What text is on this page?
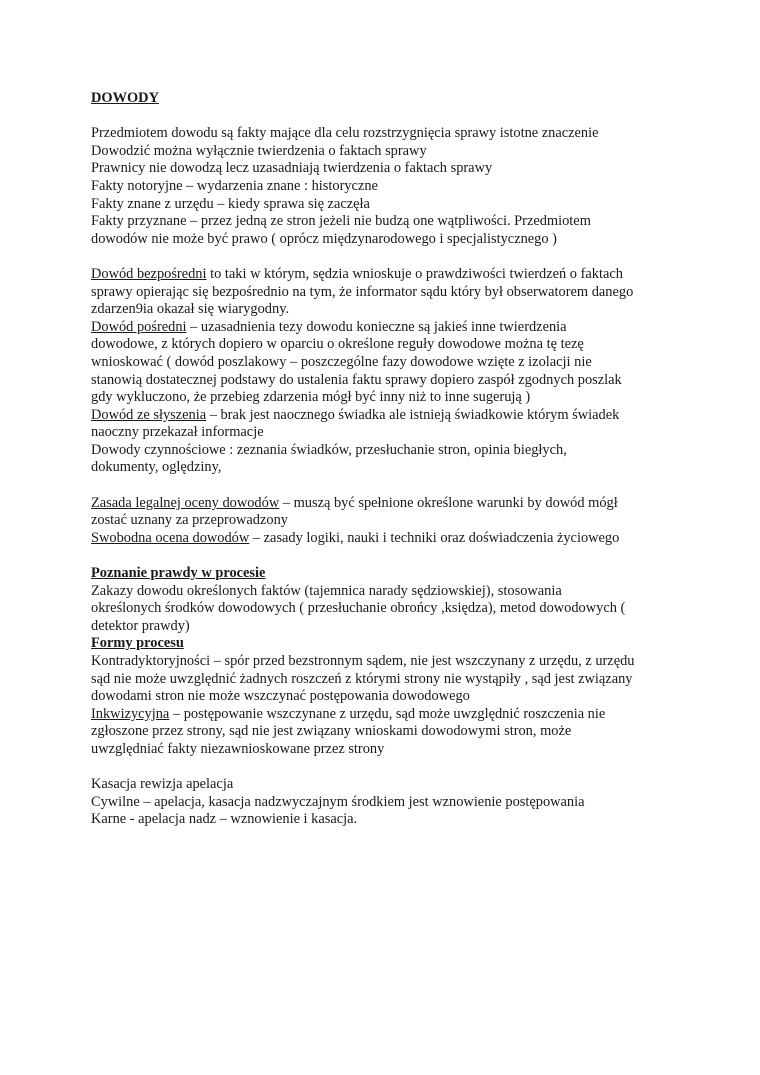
DOWODY
Przedmiotem dowodu są fakty mające dla celu rozstrzygnięcia sprawy istotne znaczenie
Dowodzić można wyłącznie twierdzenia o faktach sprawy
Prawnicy nie dowodzą lecz uzasadniają twierdzenia o faktach sprawy
Fakty notoryjne – wydarzenia znane : historyczne
Fakty znane z urzędu – kiedy sprawa się zaczęła
Fakty przyznane – przez jedną ze stron jeżeli nie budzą one wątpliwości. Przedmiotem
dowodów nie może być prawo ( oprócz międzynarodowego i specjalistycznego )
Dowód bezpośredni to taki w którym, sędzia wnioskuje o prawdziwości twierdzeń o faktach
sprawy opierając się bezpośrednio na tym, że informator sądu który był obserwatorem danego
zdarzen9ia okazał się wiarygodny.
Dowód pośredni – uzasadnienia tezy dowodu konieczne są jakieś inne twierdzenia
dowodowe, z których dopiero w oparciu o określone reguły dowodowe można tę tezę
wnioskować ( dowód poszlakowy – poszczególne fazy dowodowe wzięte z izolacji nie
stanowią dostatecznej podstawy do ustalenia faktu sprawy dopiero zaspół zgodnych poszlak
gdy wykluczono, że przebieg zdarzenia mógł być inny niż to inne sugerują )
Dowód ze słyszenia – brak jest naocznego świadka ale istnieją świadkowie którym świadek
naoczny przekazał informacje
Dowody czynnościowe : zeznania świadków, przesłuchanie stron, opinia biegłych,
dokumenty, oględziny,
Zasada legalnej oceny dowodów – muszą być spełnione określone warunki by dowód mógł
zostać uznany za przeprowadzony
Swobodna ocena dowodów – zasady logiki, nauki i techniki oraz doświadczenia życiowego
Poznanie prawdy w procesie
Zakazy dowodu określonych faktów (tajemnica narady sędziowskiej), stosowania
określonych środków dowodowych ( przesłuchanie obrońcy ,księdza), metod dowodowych (
detektor prawdy)
Formy procesu
Kontradyktoryjności – spór przed bezstronnym sądem, nie jest wszczynany z urzędu, z urzędu
sąd nie może uwzględnić żadnych roszczeń z którymi strony nie wystąpiły , sąd jest związany
dowodami stron nie może wszczynać postępowania dowodowego
Inkwizycyjna – postępowanie wszczynane z urzędu, sąd może uwzględnić roszczenia nie
zgłoszone przez strony, sąd nie jest związany wnioskami dowodowymi stron, może
uwzględniać fakty niezawnioskowane przez strony
Kasacja rewizja apelacja
Cywilne – apelacja, kasacja nadzwyczajnym środkiem jest wznowienie postępowania
Karne - apelacja nadz – wznowienie i kasacja.
